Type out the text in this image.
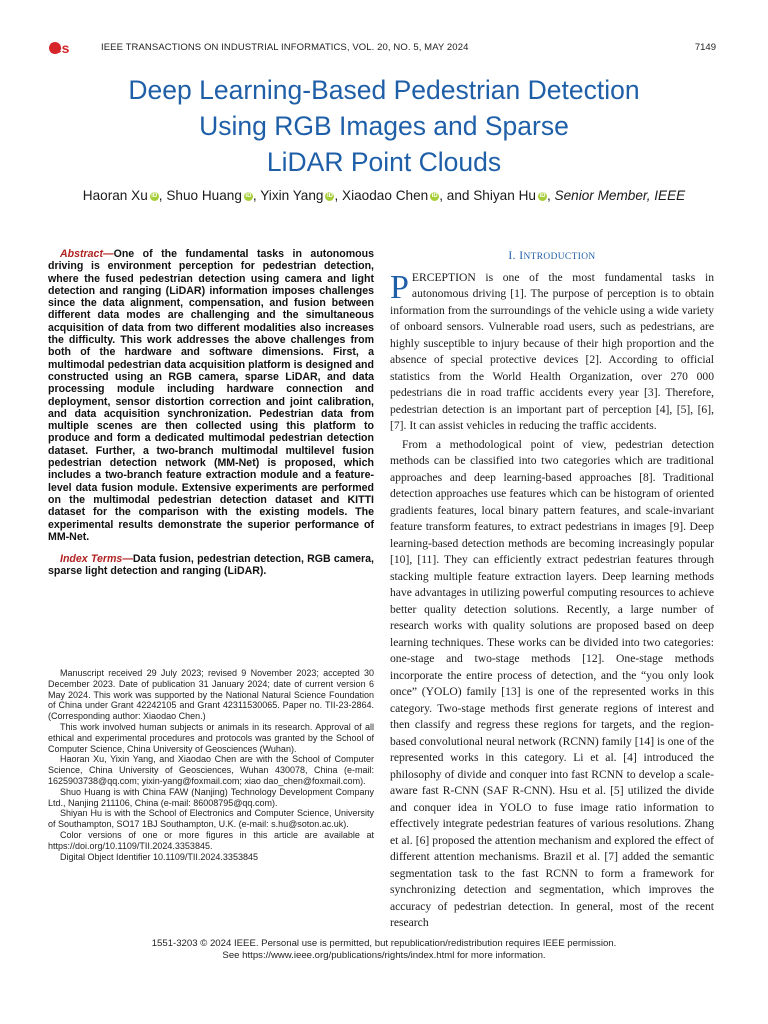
ies	IEEE TRANSACTIONS ON INDUSTRIAL INFORMATICS, VOL. 20, NO. 5, MAY 2024	7149
Deep Learning-Based Pedestrian Detection
Using RGB Images and Sparse
LiDAR Point Clouds
Haoran Xu iD , Shuo Huang iD , Yixin Yang iD , Xiaodao Chen iD , and Shiyan Hu iD , Senior Member, IEEE
Abstract—One of the fundamental tasks in autonomous driving is environment perception for pedestrian detection, where the fused pedestrian detection using camera and light detection and ranging (LiDAR) information imposes challenges since the data alignment, compensation, and fusion between different data modes are challenging and the simultaneous acquisition of data from two different modalities also increases the difficulty. This work addresses the above challenges from both of the hardware and software dimensions. First, a multimodal pedestrian data acquisition platform is designed and constructed using an RGB camera, sparse LiDAR, and data processing module including hardware connection and deployment, sensor distortion correction and joint calibration, and data acquisition synchronization. Pedestrian data from multiple scenes are then collected using this platform to produce and form a dedicated multimodal pedestrian detection dataset. Further, a two-branch multimodal multilevel fusion pedestrian detection network (MM-Net) is proposed, which includes a two-branch feature extraction module and a feature-level data fusion module. Extensive experiments are performed on the multimodal pedestrian detection dataset and KITTI dataset for the comparison with the existing models. The experimental results demonstrate the superior performance of MM-Net.
Index Terms—Data fusion, pedestrian detection, RGB camera, sparse light detection and ranging (LiDAR).

Manuscript received 29 July 2023; revised 9 November 2023; accepted 30 December 2023. Date of publication 31 January 2024; date of current version 6 May 2024. This work was supported by the National Natural Science Foundation of China under Grant 42242105 and Grant 42311530065. Paper no. TII-23-2864. (Corresponding author: Xiaodao Chen.)

This work involved human subjects or animals in its research. Approval of all ethical and experimental procedures and protocols was granted by the School of Computer Science, China University of Geosciences (Wuhan).

Haoran Xu, Yixin Yang, and Xiaodao Chen are with the School of Computer Science, China University of Geosciences, Wuhan 430078, China (e-mail: 1625903738@qq.com; yixin-yang@foxmail.com; xiao dao_chen@foxmail.com).

Shuo Huang is with China FAW (Nanjing) Technology Development Company Ltd., Nanjing 211106, China (e-mail: 86008795@qq.com).

Shiyan Hu is with the School of Electronics and Computer Science, University of Southampton, SO17 1BJ Southampton, U.K. (e-mail: s.hu@soton.ac.uk).

Color versions of one or more figures in this article are available at https://doi.org/10.1109/TII.2024.3353845.

Digital Object Identifier 10.1109/TII.2024.3353845

I. INTRODUCTION

PERCEPTION is one of the most fundamental tasks in autonomous driving [1]. The purpose of perception is to obtain information from the surroundings of the vehicle using a wide variety of onboard sensors. Vulnerable road users, such as pedestrians, are highly susceptible to injury because of their high proportion and the absence of special protective devices [2]. According to official statistics from the World Health Organization, over 270 000 pedestrians die in road traffic accidents every year [3]. Therefore, pedestrian detection is an important part of perception [4], [5], [6], [7]. It can assist vehicles in reducing the traffic accidents.

From a methodological point of view, pedestrian detection methods can be classified into two categories which are traditional approaches and deep learning-based approaches [8]. Traditional detection approaches use features which can be histogram of oriented gradients features, local binary pattern features, and scale-invariant feature transform features, to extract pedestrians in images [9]. Deep learning-based detection methods are becoming increasingly popular [10], [11]. They can efficiently extract pedestrian features through stacking multiple feature extraction layers. Deep learning methods have advantages in utilizing powerful computing resources to achieve better quality detection solutions. Recently, a large number of research works with quality solutions are proposed based on deep learning techniques. These works can be divided into two categories: one-stage and two-stage methods [12]. One-stage methods incorporate the entire process of detection, and the “you only look once” (YOLO) family [13] is one of the represented works in this category. Two-stage methods first generate regions of interest and then classify and regress these regions for targets, and the region-based convolutional neural network (RCNN) family [14] is one of the represented works in this category. Li et al. [4] introduced the philosophy of divide and conquer into fast RCNN to develop a scale-aware fast R-CNN (SAF R-CNN). Hsu et al. [5] utilized the divide and conquer idea in YOLO to fuse image ratio information to effectively integrate pedestrian features of various resolutions. Zhang et al. [6] proposed the attention mechanism and explored the effect of different attention mechanisms. Brazil et al. [7] added the semantic segmentation task to the fast RCNN to form a framework for synchronizing detection and segmentation, which improves the accuracy of pedestrian detection. In general, most of the recent research

1551-3203 © 2024 IEEE. Personal use is permitted, but republication/redistribution requires IEEE permission.
See https://www.ieee.org/publications/rights/index.html for more information.
